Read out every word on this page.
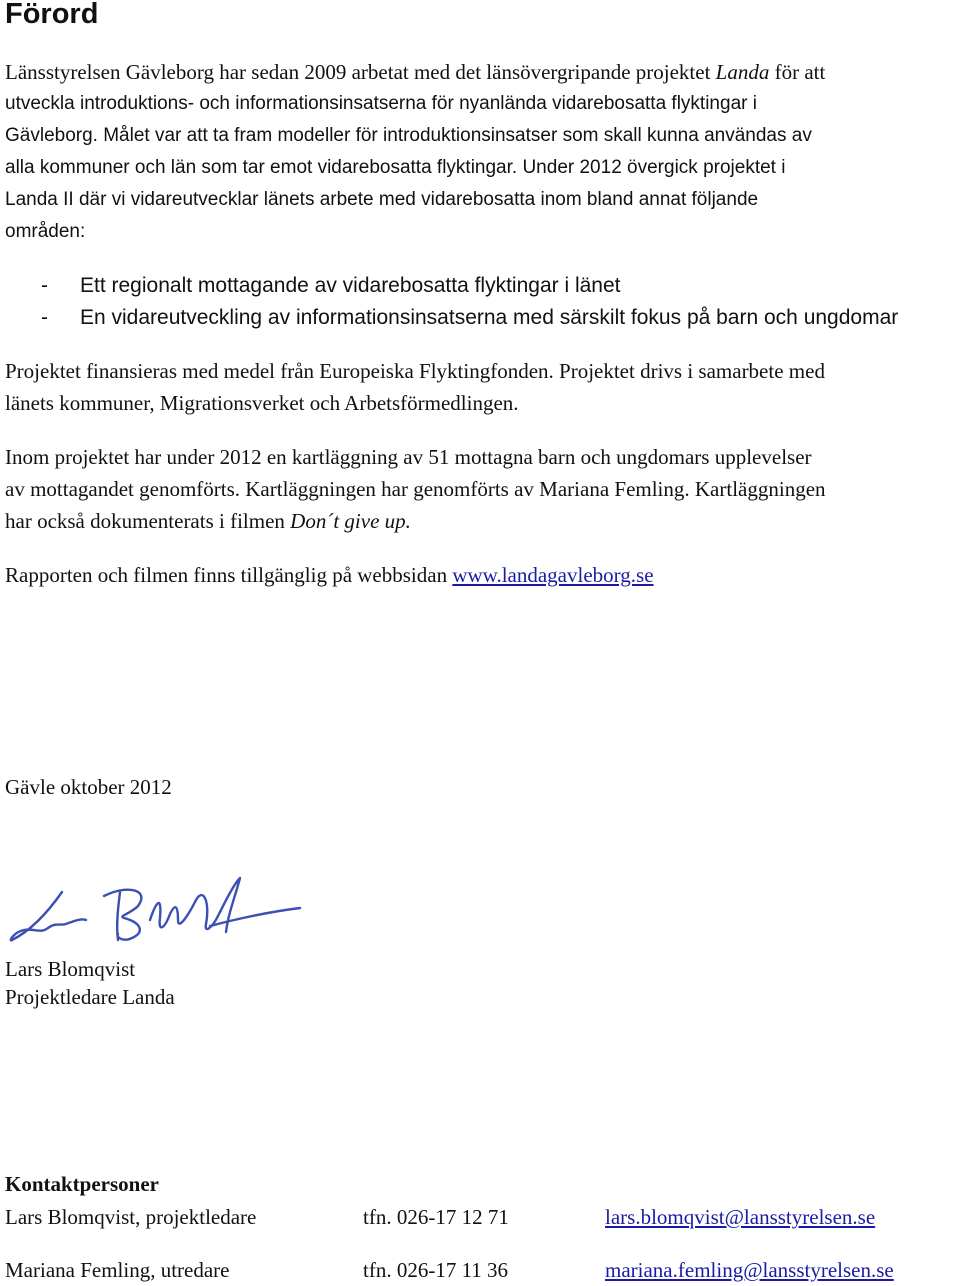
Förord
Länsstyrelsen Gävleborg har sedan 2009 arbetat med det länsövergripande projektet Landa för att
utveckla introduktions- och informationsinsatserna för nyanlända vidarebosatta flyktingar i
Gävleborg. Målet var att ta fram modeller för introduktionsinsatser som skall kunna användas av
alla kommuner och län som tar emot vidarebosatta flyktingar. Under 2012 övergick projektet i
Landa II där vi vidareutvecklar länets arbete med vidarebosatta inom bland annat följande
områden:
- Ett regionalt mottagande av vidarebosatta flyktingar i länet
- En vidareutveckling av informationsinsatserna med särskilt fokus på barn och ungdomar
Projektet finansieras med medel från Europeiska Flyktingfonden. Projektet drivs i samarbete med
länets kommuner, Migrationsverket och Arbetsförmedlingen.
Inom projektet har under 2012 en kartläggning av 51 mottagna barn och ungdomars upplevelser
av mottagandet genomförts. Kartläggningen har genomförts av Mariana Femling. Kartläggningen
har också dokumenterats i filmen Don´t give up.
Rapporten och filmen finns tillgänglig på webbsidan www.landagavleborg.se
Gävle oktober 2012
Lars Blomqvist
Projektledare Landa
Kontaktpersoner
Lars Blomqvist, projektledare	tfn. 026-17 12 71	lars.blomqvist@lansstyrelsen.se
Mariana Femling, utredare	tfn. 026-17 11 36	mariana.femling@lansstyrelsen.se
